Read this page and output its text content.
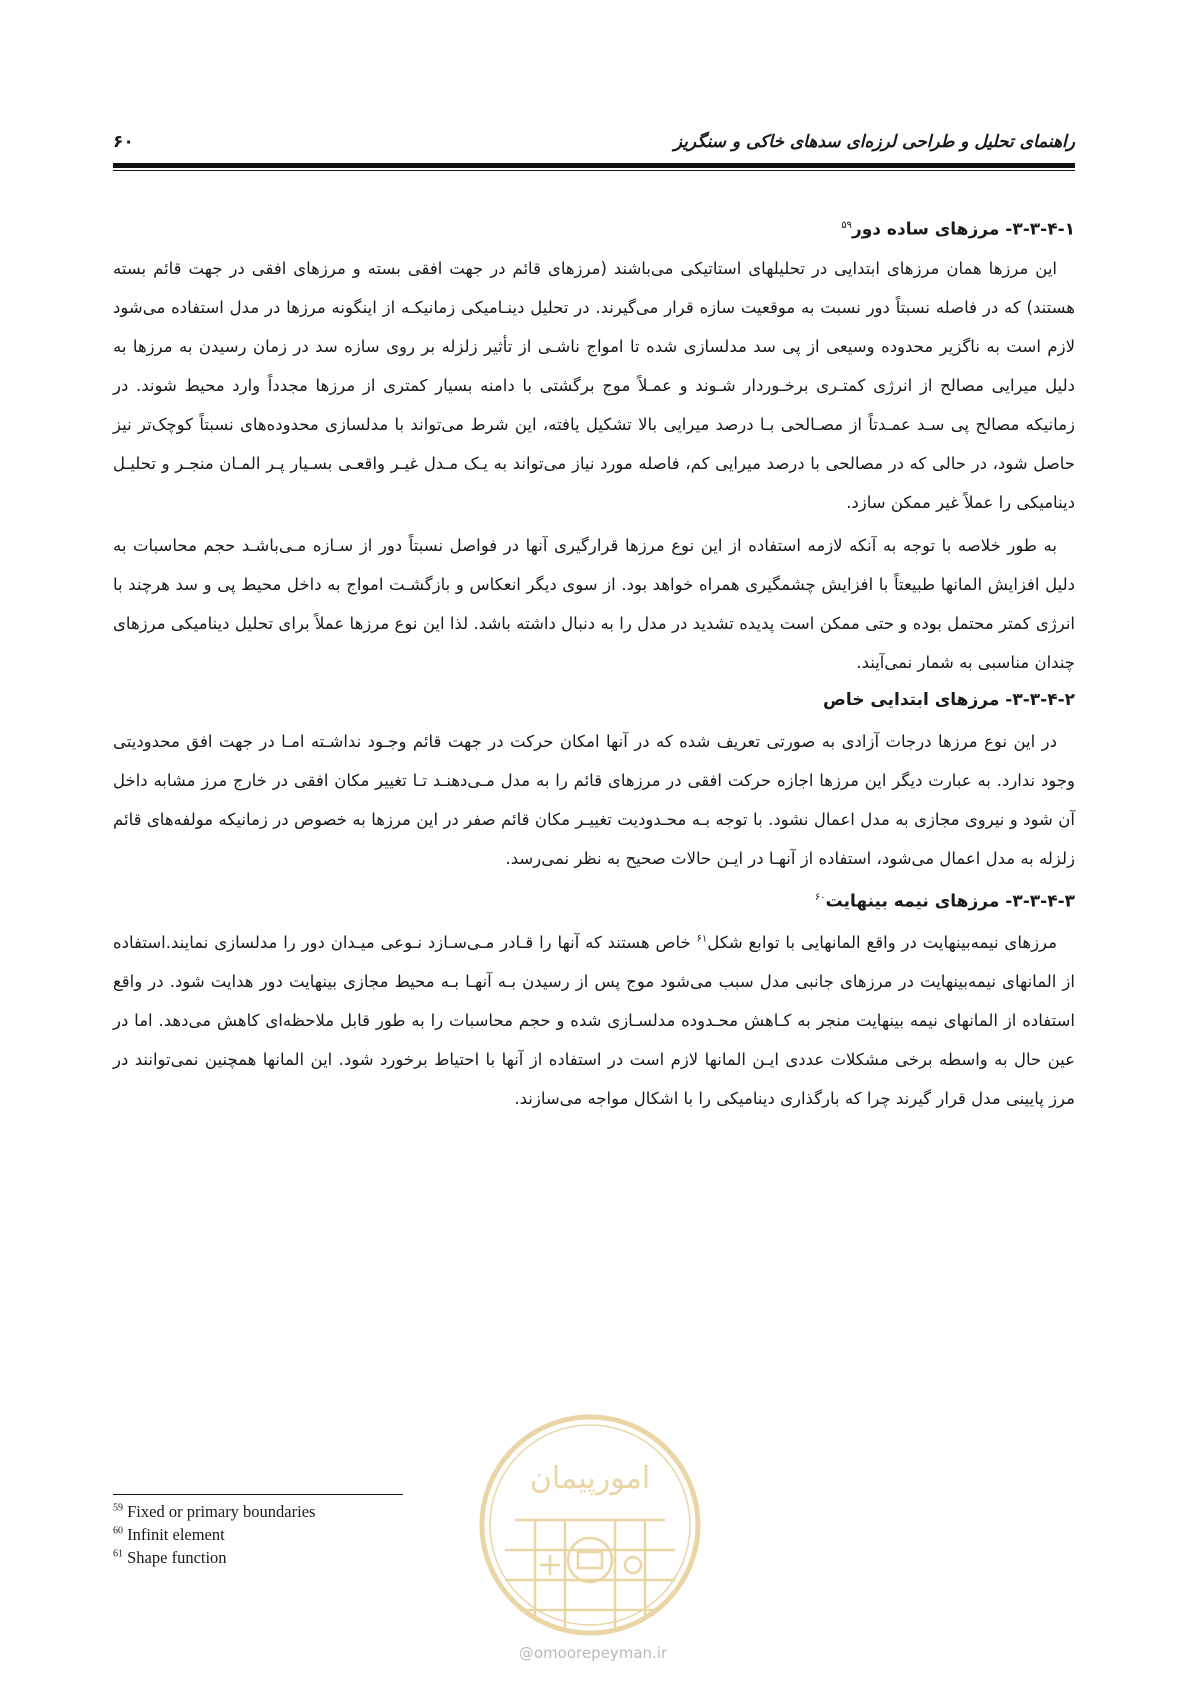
راهنمای تحلیل و طراحی لرزه‌ای سدهای خاکی و سنگریز
۶۰
۳-۳-۴-۱- مرزهای ساده دور$^{۵۹}$

این مرزها همان مرزهای ابتدایی در تحلیلهای استاتیکی می‌باشند (مرزهای قائم در جهت افقی بسته و مرزهای افقی در جهت قائم بسته هستند) که در فاصله نسبتاً دور نسبت به موقعیت سازه قرار می‌گیرند. در تحلیل دینـامیکی زمانیکـه از اینگونه مرزها در مدل استفاده می‌شود لازم است به ناگزیر محدوده وسیعی از پی سد مدلسازی شده تا امواج ناشـی از تأثیر زلزله بر روی سازه سد در زمان رسیدن به مرزها به دلیل میرایی مصالح از انرژی کمتـری برخـوردار شـوند و عمـلاً موج برگشتی با دامنه بسیار کمتری از مرزها مجدداً وارد محیط شوند. در زمانیکه مصالح پی سـد عمـدتاً از مصـالحی بـا درصد میرایی بالا تشکیل یافته، این شرط می‌تواند با مدلسازی محدوده‌های نسبتاً کوچک‌تر نیز حاصل شود، در حالی که در مصالحی با درصد میرایی کم، فاصله مورد نیاز می‌تواند به یـک مـدل غیـر واقعـی بسـیار پـر المـان منجـر و تحلیـل دینامیکی را عملاً غیر ممکن سازد.

به طور خلاصه با توجه به آنکه لازمه استفاده از این نوع مرزها قرارگیری آنها در فواصل نسبتاً دور از سـازه مـی‌باشـد حجم محاسبات به دلیل افزایش المانها طبیعتاً با افزایش چشمگیری همراه خواهد بود. از سوی دیگر انعکاس و بازگشـت امواج به داخل محیط پی و سد هرچند با انرژی کمتر محتمل بوده و حتی ممکن است پدیده تشدید در مدل را به دنبال داشته باشد. لذا این نوع مرزها عملاً برای تحلیل دینامیکی مرزهای چندان مناسبی به شمار نمی‌آیند.

۳-۳-۴-۲- مرزهای ابتدایی خاص

در این نوع مرزها درجات آزادی به صورتی تعریف شده که در آنها امکان حرکت در جهت قائم وجـود نداشـته امـا در جهت افق محدودیتی وجود ندارد. به عبارت دیگر این مرزها اجازه حرکت افقی در مرزهای قائم را به مدل مـی‌دهنـد تـا تغییر مکان افقی در خارج مرز مشابه داخل آن شود و نیروی مجازی به مدل اعمال نشود. با توجه بـه محـدودیت تغییـر مکان قائم صفر در این مرزها به خصوص در زمانیکه مولفه‌های قائم زلزله به مدل اعمال می‌شود، استفاده از آنهـا در ایـن حالات صحیح به نظر نمی‌رسد.

۳-۳-۴-۳- مرزهای نیمه بینهایت$^{۶۰}$

مرزهای نیمه‌بینهایت در واقع المانهایی با توابع شکل$^{۶۱}$ خاص هستند که آنها را قـادر مـی‌سـازد نـوعی میـدان دور را مدلسازی نمایند.استفاده از المانهای نیمه‌بینهایت در مرزهای جانبی مدل سبب می‌شود موج پس از رسیدن بـه آنهـا بـه محیط مجازی بینهایت دور هدایت شود. در واقع استفاده از المانهای نیمه بینهایت منجر به کـاهش محـدوده مدلسـازی شده و حجم محاسبات را به طور قابل ملاحظه‌ای کاهش می‌دهد. اما در عین حال به واسطه برخی مشکلات عددی ایـن المانها لازم است در استفاده از آنها با احتیاط برخورد شود. این المانها همچنین نمی‌توانند در مرز پایینی مدل قرار گیرند چرا که بارگذاری دینامیکی را با اشکال مواجه می‌سازند.

$^{59}$ Fixed or primary boundaries
$^{60}$ Infinit element
$^{61}$ Shape function
امورپیمان
@omoorepeyman.ir
